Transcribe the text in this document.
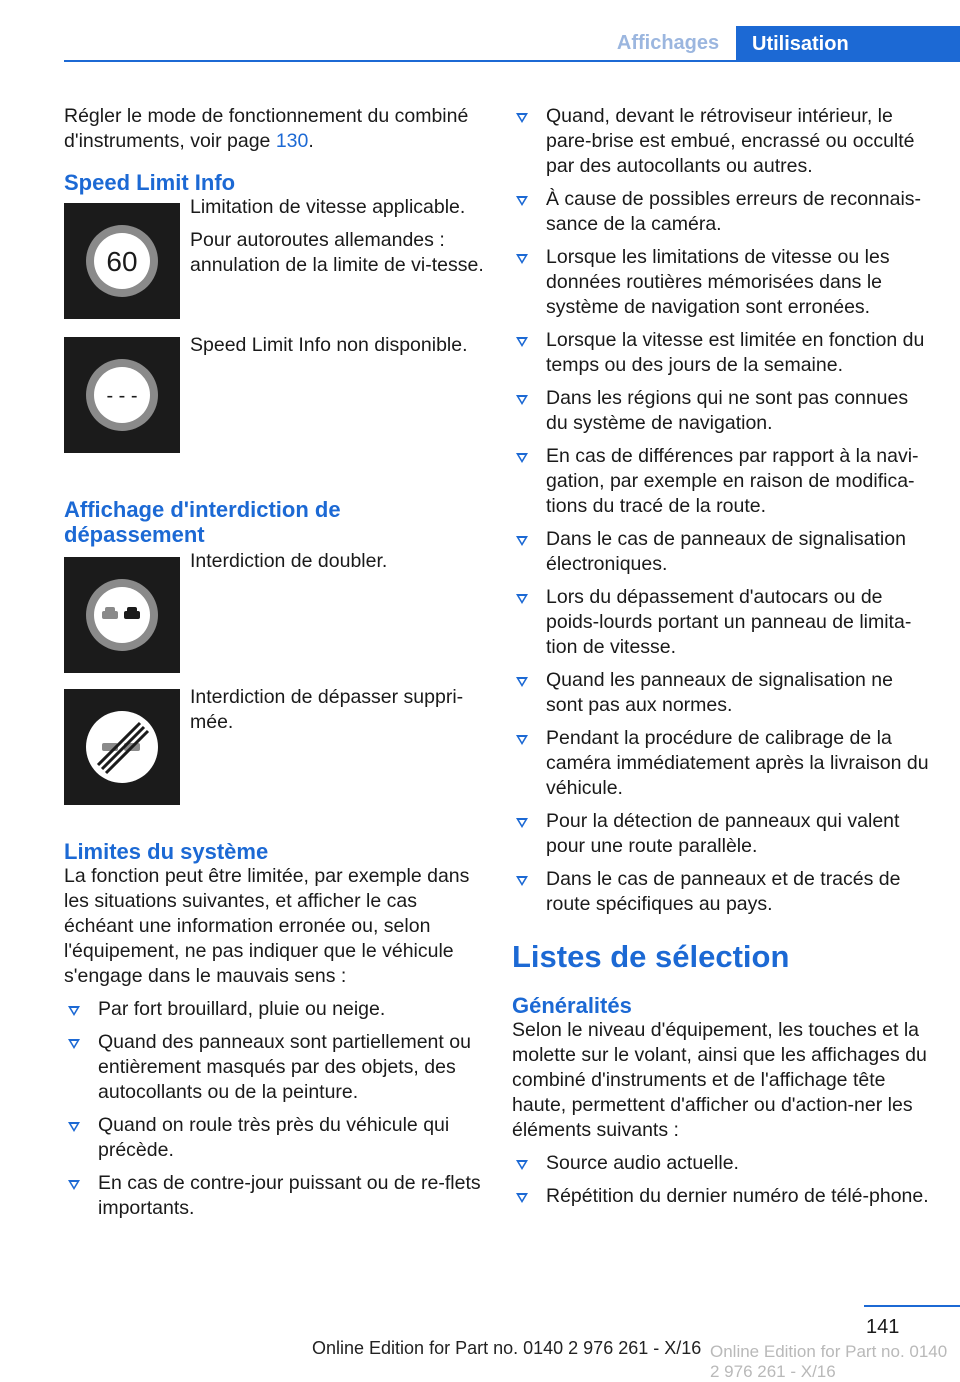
Affichages	Utilisation

Régler le mode de fonctionnement du combiné d'instruments, voir page 130.

Speed Limit Info
60

Limitation de vitesse applicable.

Pour autoroutes allemandes : annulation de la limite de vi-tesse.

- - -
Speed Limit Info non disponible.
Affichage d'interdiction de dépassement
Interdiction de doubler.
Interdiction de dépasser suppri-mée.
Limites du système

La fonction peut être limitée, par exemple dans les situations suivantes, et afficher le cas échéant une information erronée ou, selon l'équipement, ne pas indiquer que le véhicule s'engage dans le mauvais sens :

Par fort brouillard, pluie ou neige.
Quand des panneaux sont partiellement ou entièrement masqués par des objets, des autocollants ou de la peinture.
Quand on roule très près du véhicule qui précède.
En cas de contre-jour puissant ou de re-flets importants.
Quand, devant le rétroviseur intérieur, le pare-brise est embué, encrassé ou occulté par des autocollants ou autres.
À cause de possibles erreurs de reconnais-sance de la caméra.
Lorsque les limitations de vitesse ou les données routières mémorisées dans le système de navigation sont erronées.
Lorsque la vitesse est limitée en fonction du temps ou des jours de la semaine.
Dans les régions qui ne sont pas connues du système de navigation.
En cas de différences par rapport à la navi-gation, par exemple en raison de modifica-tions du tracé de la route.
Dans le cas de panneaux de signalisation électroniques.
Lors du dépassement d'autocars ou de poids-lourds portant un panneau de limita-tion de vitesse.
Quand les panneaux de signalisation ne sont pas aux normes.
Pendant la procédure de calibrage de la caméra immédiatement après la livraison du véhicule.
Pour la détection de panneaux qui valent pour une route parallèle.
Dans le cas de panneaux et de tracés de route spécifiques au pays.
Listes de sélection
Généralités

Selon le niveau d'équipement, les touches et la molette sur le volant, ainsi que les affichages du combiné d'instruments et de l'affichage tête haute, permettent d'afficher ou d'action-ner les éléments suivants :

Source audio actuelle.
Répétition du dernier numéro de télé-phone.
141
Online Edition for Part no. 0140 2 976 261 - X/16 Online Edition for Part no. 0140 2 976 261 - X/16
